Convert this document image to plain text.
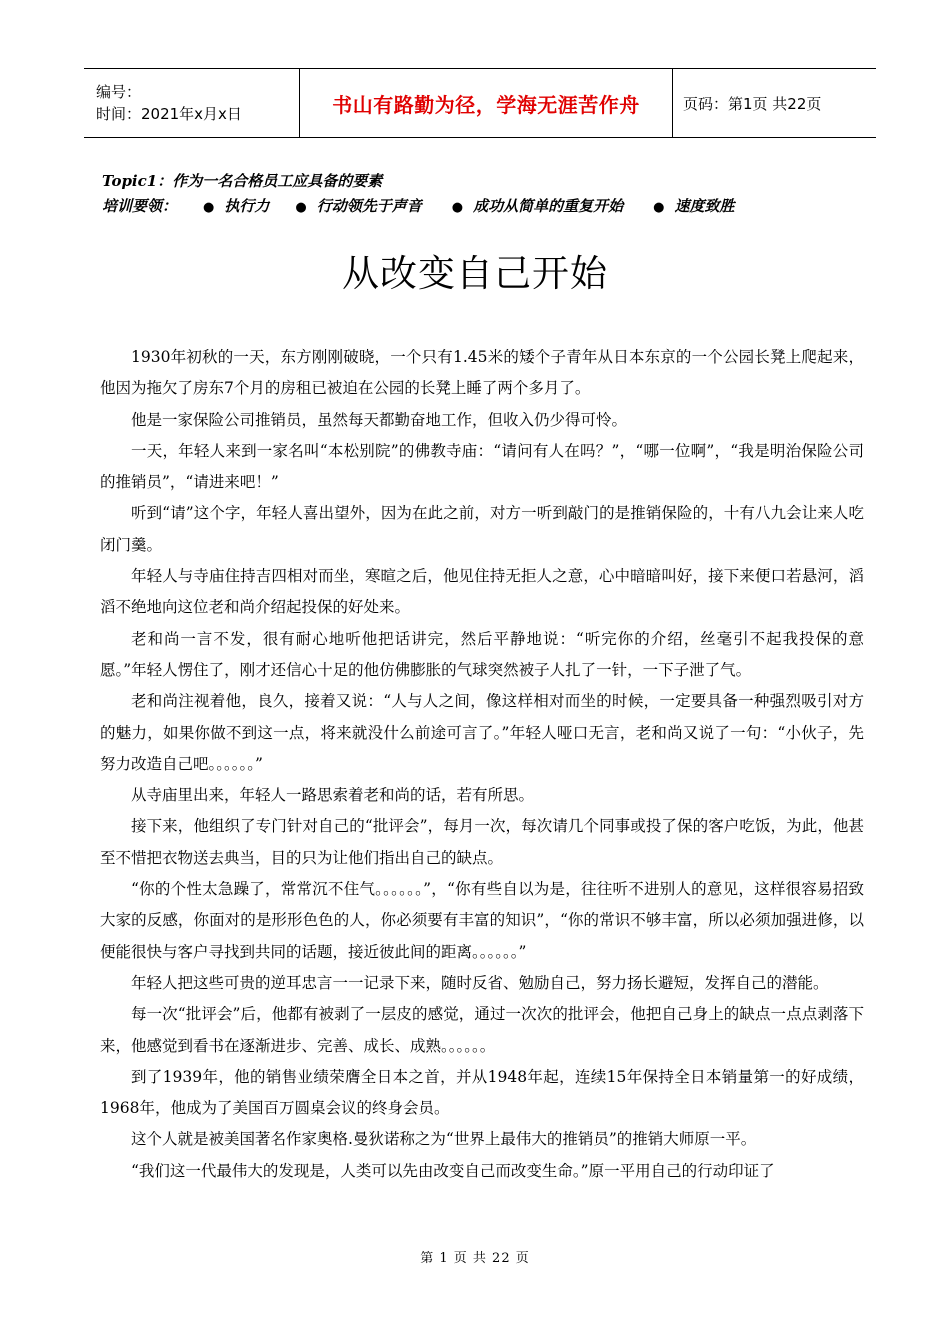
编号：
时间：2021年x月x日	书山有路勤为径，学海无涯苦作舟	页码：第1页 共22页
Topic1：作为一名合格员工应具备的要素
培训要领：	● 执行力	● 行动领先于声音	● 成功从简单的重复开始	● 速度致胜
从改变自己开始

1930年初秋的一天，东方刚刚破晓，一个只有1.45米的矮个子青年从日本东京的一个公园长凳上爬起来，他因为拖欠了房东7个月的房租已被迫在公园的长凳上睡了两个多月了。

他是一家保险公司推销员，虽然每天都勤奋地工作，但收入仍少得可怜。

一天，年轻人来到一家名叫“本松别院”的佛教寺庙：“请问有人在吗？”，“哪一位啊”，“我是明治保险公司的推销员”，“请进来吧！”

听到“请”这个字，年轻人喜出望外，因为在此之前，对方一听到敲门的是推销保险的，十有八九会让来人吃闭门羹。

年轻人与寺庙住持吉四相对而坐，寒暄之后，他见住持无拒人之意，心中暗暗叫好，接下来便口若悬河，滔滔不绝地向这位老和尚介绍起投保的好处来。

老和尚一言不发，很有耐心地听他把话讲完，然后平静地说：“听完你的介绍，丝毫引不起我投保的意愿。”年轻人愣住了，刚才还信心十足的他仿佛膨胀的气球突然被子人扎了一针，一下子泄了气。

老和尚注视着他，良久，接着又说：“人与人之间，像这样相对而坐的时候，一定要具备一种强烈吸引对方的魅力，如果你做不到这一点，将来就没什么前途可言了。”年轻人哑口无言，老和尚又说了一句：“小伙子，先努力改造自己吧。。。。。。”

从寺庙里出来，年轻人一路思索着老和尚的话，若有所思。

接下来，他组织了专门针对自己的“批评会”，每月一次，每次请几个同事或投了保的客户吃饭，为此，他甚至不惜把衣物送去典当，目的只为让他们指出自己的缺点。

“你的个性太急躁了，常常沉不住气。。。。。。”，“你有些自以为是，往往听不进别人的意见，这样很容易招致大家的反感，你面对的是形形色色的人，你必须要有丰富的知识”，“你的常识不够丰富，所以必须加强进修，以便能很快与客户寻找到共同的话题，接近彼此间的距离。。。。。。”

年轻人把这些可贵的逆耳忠言一一记录下来，随时反省、勉励自己，努力扬长避短，发挥自己的潜能。

每一次“批评会”后，他都有被剥了一层皮的感觉，通过一次次的批评会，他把自己身上的缺点一点点剥落下来，他感觉到看书在逐渐进步、完善、成长、成熟。。。。。。

到了1939年，他的销售业绩荣膺全日本之首，并从1948年起，连续15年保持全日本销量第一的好成绩，1968年，他成为了美国百万圆桌会议的终身会员。

这个人就是被美国著名作家奥格.曼狄诺称之为“世界上最伟大的推销员”的推销大师原一平。

“我们这一代最伟大的发现是，人类可以先由改变自己而改变生命。”原一平用自己的行动印证了

第 1 页 共 22 页
